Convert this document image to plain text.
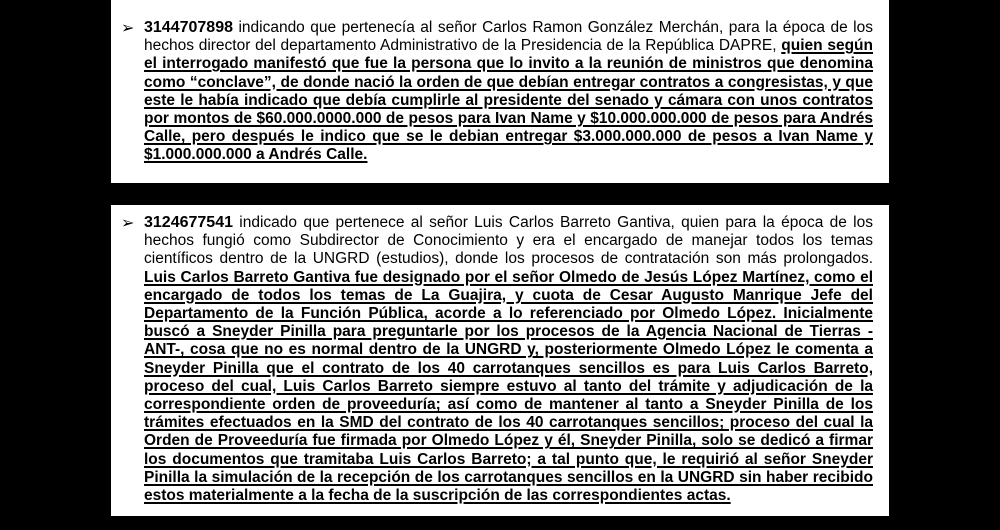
➢ 3144707898 indicando que pertenecía al señor Carlos Ramon González Merchán, para la época de los hechos director del departamento Administrativo de la Presidencia de la República DAPRE, quien según el interrogado manifestó que fue la persona que lo invito a la reunión de ministros que denomina como “conclave”, de donde nació la orden de que debían entregar contratos a congresistas, y que este le había indicado que debía cumplirle al presidente del senado y cámara con unos contratos por montos de $60.000.0000.000 de pesos para Ivan Name y $10.000.000.000 de pesos para Andrés Calle, pero después le indico que se le debian entregar $3.000.000.000 de pesos a Ivan Name y $1.000.000.000 a Andrés Calle.

➢ 3124677541 indicado que pertenece al señor Luis Carlos Barreto Gantiva, quien para la época de los hechos fungió como Subdirector de Conocimiento y era el encargado de manejar todos los temas científicos dentro de la UNGRD (estudios), donde los procesos de contratación son más prolongados. Luis Carlos Barreto Gantiva fue designado por el señor Olmedo de Jesús López Martínez, como el encargado de todos los temas de La Guajira, y cuota de Cesar Augusto Manrique Jefe del Departamento de la Función Pública, acorde a lo referenciado por Olmedo López. Inicialmente buscó a Sneyder Pinilla para preguntarle por los procesos de la Agencia Nacional de Tierras -ANT-, cosa que no es normal dentro de la UNGRD y, posteriormente Olmedo López le comenta a Sneyder Pinilla que el contrato de los 40 carrotanques sencillos es para Luis Carlos Barreto, proceso del cual, Luis Carlos Barreto siempre estuvo al tanto del trámite y adjudicación de la correspondiente orden de proveeduría; así como de mantener al tanto a Sneyder Pinilla de los trámites efectuados en la SMD del contrato de los 40 carrotanques sencillos; proceso del cual la Orden de Proveeduría fue firmada por Olmedo López y él, Sneyder Pinilla, solo se dedicó a firmar los documentos que tramitaba Luis Carlos Barreto; a tal punto que, le requirió al señor Sneyder Pinilla la simulación de la recepción de los carrotanques sencillos en la UNGRD sin haber recibido estos materialmente a la fecha de la suscripción de las correspondientes actas.
